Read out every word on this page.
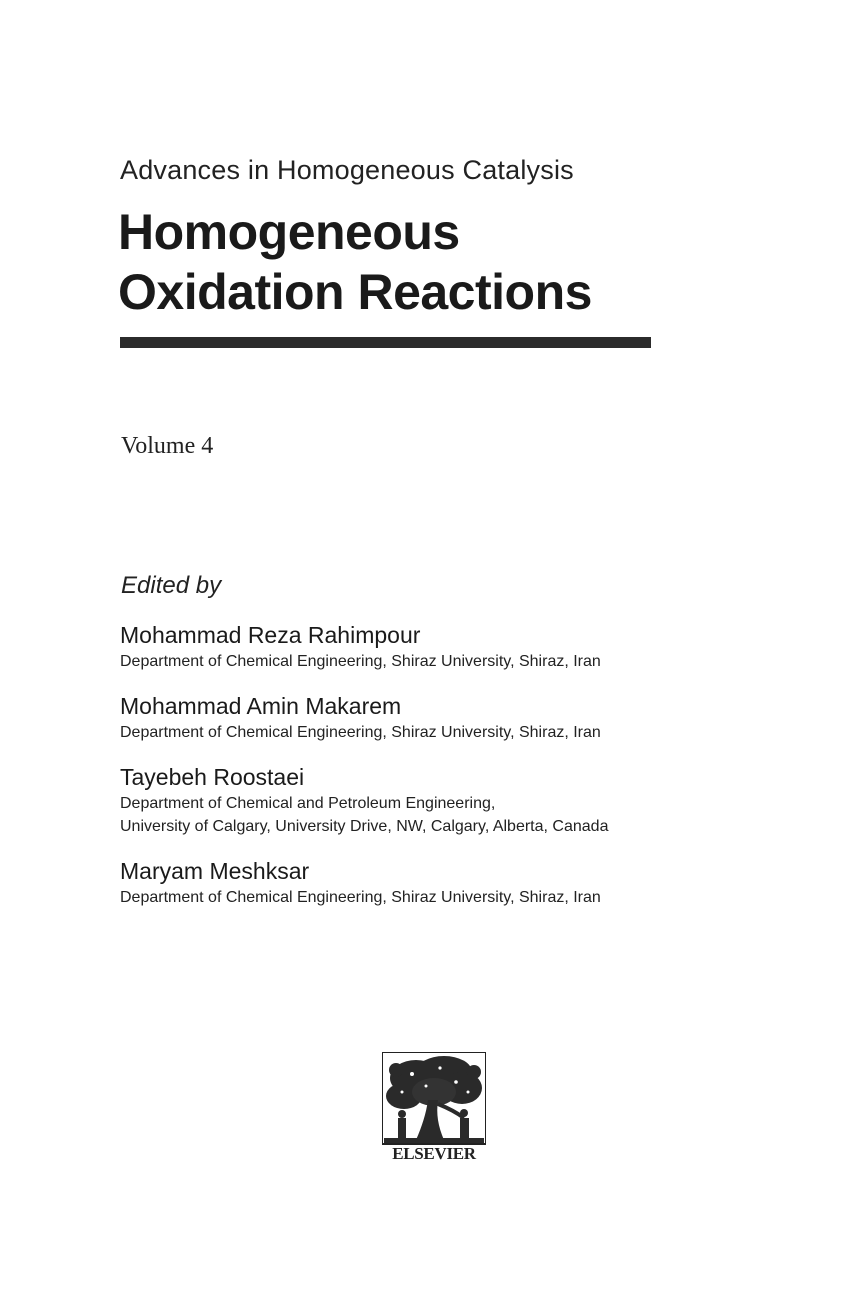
Advances in Homogeneous Catalysis
Homogeneous
Oxidation Reactions
Volume 4
Edited by
Mohammad Reza Rahimpour
Department of Chemical Engineering, Shiraz University, Shiraz, Iran
Mohammad Amin Makarem
Department of Chemical Engineering, Shiraz University, Shiraz, Iran
Tayebeh Roostaei
Department of Chemical and Petroleum Engineering,
University of Calgary, University Drive, NW, Calgary, Alberta, Canada
Maryam Meshksar
Department of Chemical Engineering, Shiraz University, Shiraz, Iran
ELSEVIER
